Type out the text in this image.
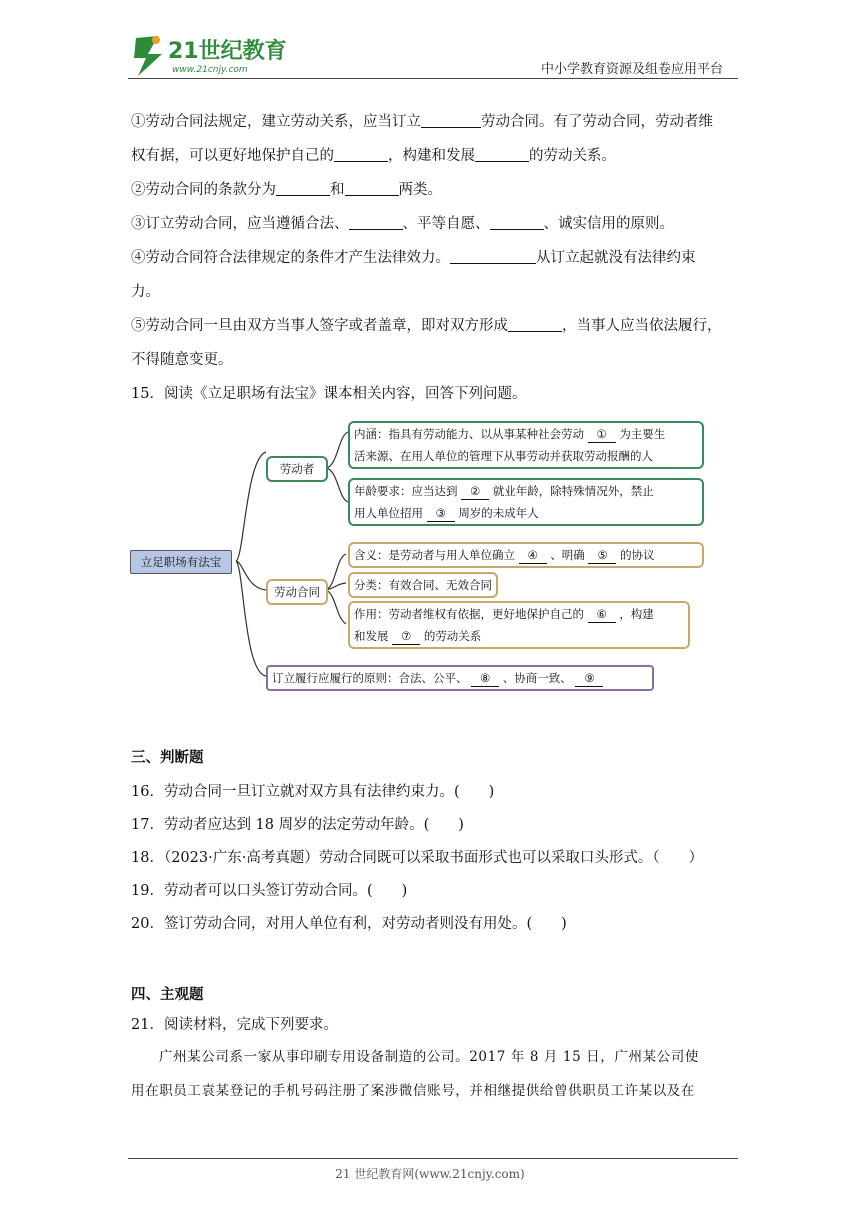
21世纪教育
www.21cnjy.com	中小学教育资源及组卷应用平台

①劳动合同法规定，建立劳动关系，应当订立	劳动合同。有了劳动合同，劳动者维

权有据，可以更好地保护自己的	，构建和发展	的劳动关系。

②劳动合同的条款分为	和	两类。

③订立劳动合同，应当遵循合法、	、平等自愿、	、诚实信用的原则。

④劳动合同符合法律规定的条件才产生法律效力。	从订立起就没有法律约束

力。

⑤劳动合同一旦由双方当事人签字或者盖章，即对双方形成	，当事人应当依法履行，

不得随意变更。

15．阅读《立足职场有法宝》课本相关内容，回答下列问题。

立足职场有法宝
劳动者
劳动合同
内涵：指具有劳动能力、以从事某种社会劳动 ① 为主要生
活来源、在用人单位的管理下从事劳动并获取劳动报酬的人
年龄要求：应当达到 ② 就业年龄，除特殊情况外，禁止
用人单位招用 ③ 周岁的未成年人
含义：是劳动者与用人单位确立 ④ 、明确 ⑤ 的协议
分类：有效合同、无效合同
作用：劳动者维权有依据，更好地保护自己的 ⑥ ，构建
和发展 ⑦ 的劳动关系
订立履行应履行的原则：合法、公平、 ⑧ 、协商一致、 ⑨

三、判断题

16．劳动合同一旦订立就对双方具有法律约束力。(　　)

17．劳动者应达到 18 周岁的法定劳动年龄。(　　)

18．（2023·广东·高考真题）劳动合同既可以采取书面形式也可以采取口头形式。（　　）

19．劳动者可以口头签订劳动合同。(　　)

20．签订劳动合同，对用人单位有利，对劳动者则没有用处。(　　)

四、主观题

21．阅读材料，完成下列要求。

广州某公司系一家从事印刷专用设备制造的公司。2017 年 8 月 15 日，广州某公司使

用在职员工袁某登记的手机号码注册了案涉微信账号，并相继提供给曾供职员工许某以及在

21 世纪教育网(www.21cnjy.com)
